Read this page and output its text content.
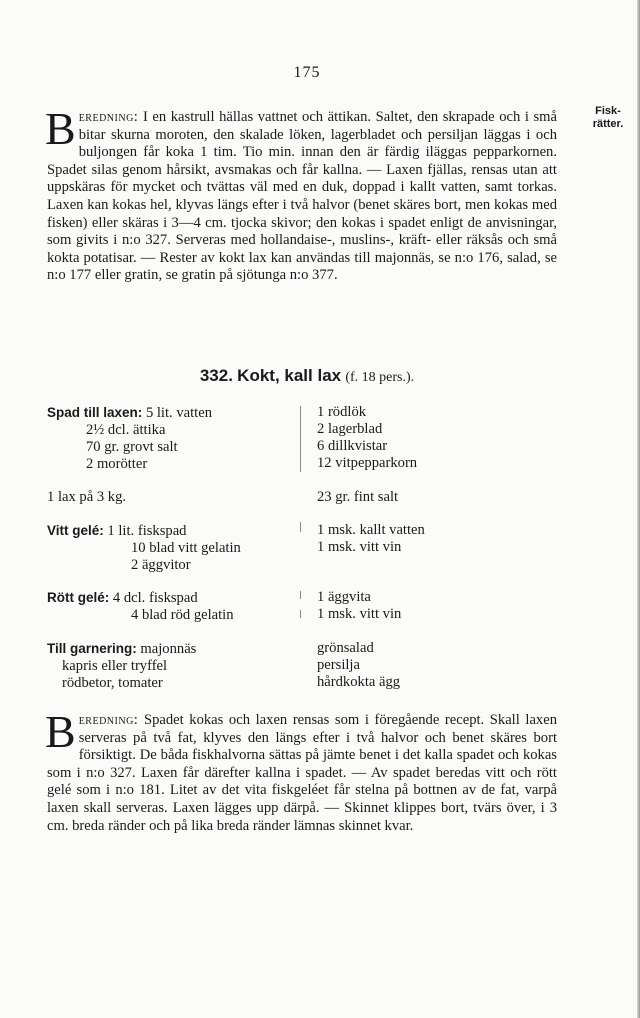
175
Fisk-
rätter.

Beredning: I en kastrull hällas vattnet och ättikan. Saltet, den skrapade och i små bitar skurna moroten, den skalade löken, lagerbladet och persiljan läggas i och buljongen får koka 1 tim. Tio min. innan den är färdig iläggas pepparkornen. Spadet silas genom hårsikt, avsmakas och får kallna. — Laxen fjällas, rensas utan att uppskäras för mycket och tvättas väl med en duk, doppad i kallt vatten, samt torkas. Laxen kan kokas hel, klyvas längs efter i två halvor (benet skäres bort, men kokas med fisken) eller skäras i 3—4 cm. tjocka skivor; den kokas i spadet enligt de anvisningar, som givits i n:o 327. Serveras med hollandaise-, muslins-, kräft- eller räksås och små kokta potatisar. — Rester av kokt lax kan användas till majonnäs, se n:o 176, salad, se n:o 177 eller gratin, se gratin på sjötunga n:o 377.

332. Kokt, kall lax (f. 18 pers.).
Spad till laxen: 5 lit. vatten
2½ dcl. ättika
70 gr. grovt salt
2 morötter
1 rödlök
2 lagerblad
6 dillkvistar
12 vitpepparkorn
1 lax på 3 kg.	23 gr. fint salt
Vitt gelé: 1 lit. fiskspad
10 blad vitt gelatin
2 äggvitor
1 msk. kallt vatten
1 msk. vitt vin
Rött gelé: 4 dcl. fiskspad
4 blad röd gelatin
1 äggvita
1 msk. vitt vin
Till garnering: majonnäs
kapris eller tryffel
rödbetor, tomater
grönsalad
persilja
hårdkokta ägg

Beredning: Spadet kokas och laxen rensas som i föregående recept. Skall laxen serveras på två fat, klyves den längs efter i två halvor och benet skäres bort försiktigt. De båda fiskhalvorna sättas på jämte benet i det kalla spadet och kokas som i n:o 327. Laxen får därefter kallna i spadet. — Av spadet beredas vitt och rött gelé som i n:o 181. Litet av det vita fiskgeléet får stelna på bottnen av de fat, varpå laxen skall serveras. Laxen lägges upp därpå. — Skinnet klippes bort, tvärs över, i 3 cm. breda ränder och på lika breda ränder lämnas skinnet kvar.
